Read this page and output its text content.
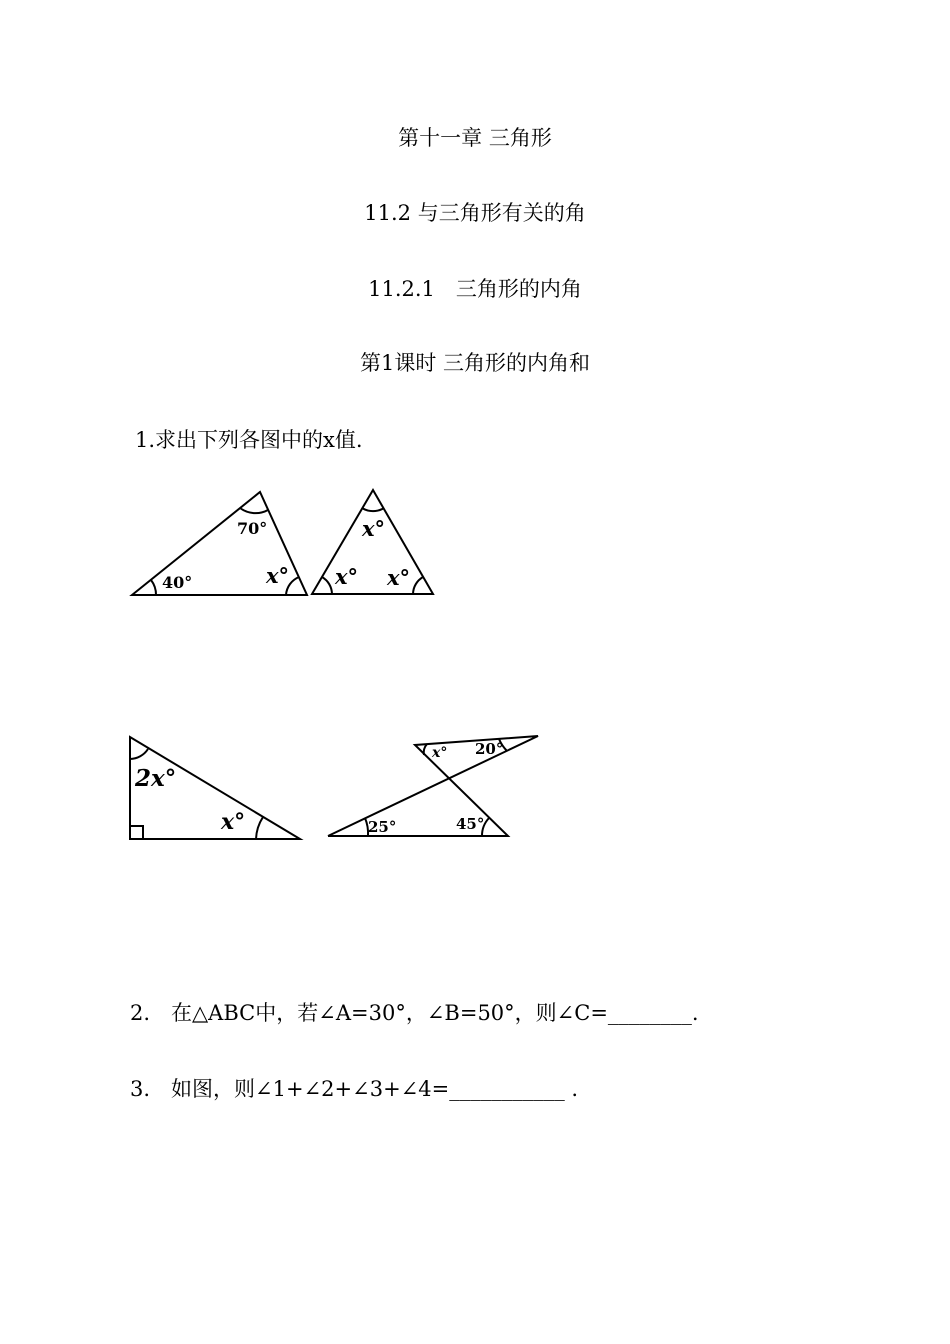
第十一章 三角形
11.2 与三角形有关的角
11.2.1　三角形的内角
第1课时 三角形的内角和
1.求出下列各图中的x值.
70°
40°	x°
x°
x° x°
2x°
x°
x° 20°
25°	45°
2.　在△ABC中，若∠A=30°，∠B=50°，则∠C=________.
3.　如图，则∠1+∠2+∠3+∠4=___________ .
